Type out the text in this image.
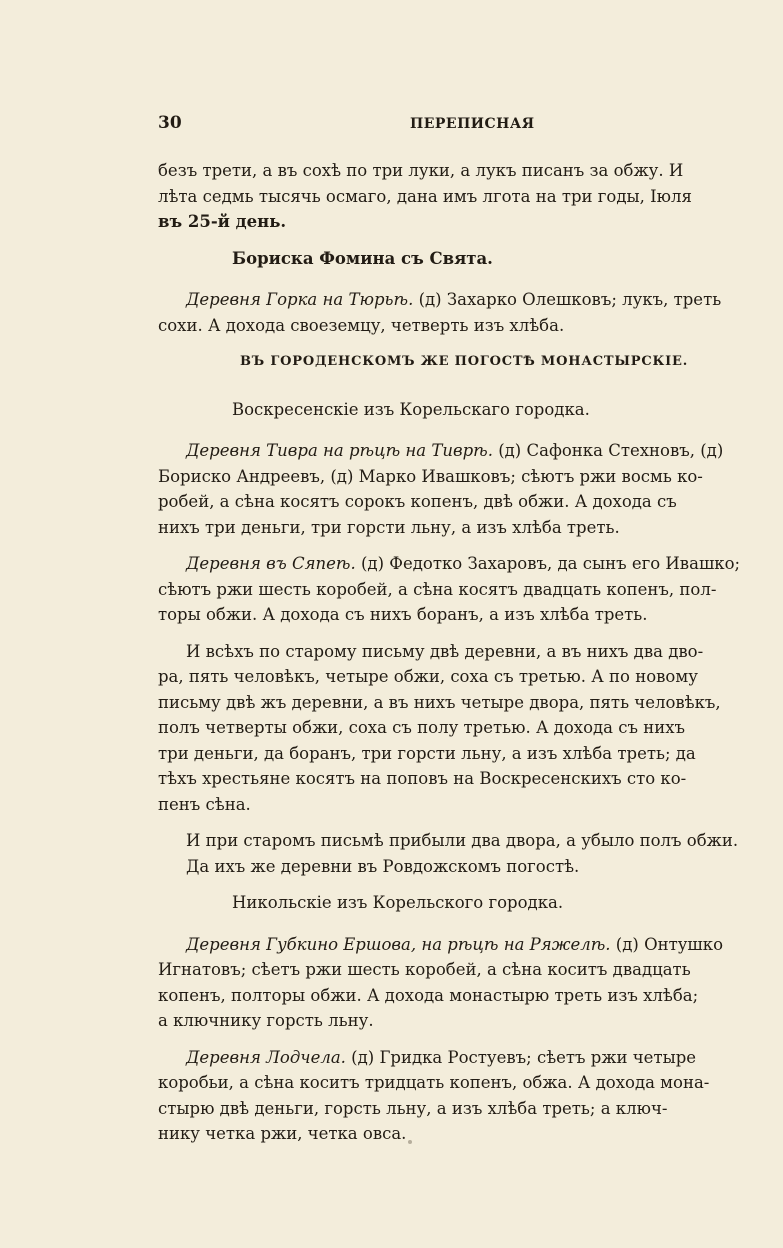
30	ПЕРЕПИСНАЯ

безъ трети, а въ сохѣ по три луки, а лукъ писанъ за обжу. И
лѣта седмь тысячь осмаго, дана имъ лгота на три годы, Іюля
въ 25-й день.

Бориска Фомина съ Свята.

Деревня Горка на Тюрьѣ. (д) Захарко Олешковъ; лукъ, треть
сохи. А дохода своеземцу, четверть изъ хлѣба.

ВЪ ГОРОДЕНСКОМЪ ЖЕ ПОГОСТѢ МОНАСТЫРСКІЕ.

Воскресенскіе изъ Корельскаго городка.

Деревня Тивра на рѣцѣ на Тиврѣ. (д) Сафонка Стехновъ, (д)
Бориско Андреевъ, (д) Марко Ивашковъ; сѣютъ ржи восмь ко-
робей, а сѣна косятъ сорокъ копенъ, двѣ обжи. А дохода съ
нихъ три деньги, три горсти льну, а изъ хлѣба треть.

Деревня въ Сяпеѣ. (д) Федотко Захаровъ, да сынъ его Ивашко;
сѣютъ ржи шесть коробей, а сѣна косятъ двадцать копенъ, пол-
торы обжи. А дохода съ нихъ боранъ, а изъ хлѣба треть.

И всѣхъ по старому письму двѣ деревни, а въ нихъ два дво-
ра, пять человѣкъ, четыре обжи, соха съ третью. А по новому
письму двѣ жъ деревни, а въ нихъ четыре двора, пять человѣкъ,
полъ четверты обжи, соха съ полу третью. А дохода съ нихъ
три деньги, да боранъ, три горсти льну, а изъ хлѣба треть; да
тѣхъ хрестьяне косятъ на поповъ на Воскресенскихъ сто ко-
пенъ сѣна.

И при старомъ письмѣ прибыли два двора, а убыло полъ обжи.
Да ихъ же деревни въ Ровдожскомъ погостѣ.

Никольскіе изъ Корельского городка.

Деревня Губкино Ершова, на рѣцѣ на Ряжелѣ. (д) Онтушко
Игнатовъ; сѣетъ ржи шесть коробей, а сѣна коситъ двадцать
копенъ, полторы обжи. А дохода монастырю треть изъ хлѣба;
а ключнику горсть льну.

Деревня Лодчела. (д) Гридка Ростуевъ; сѣетъ ржи четыре
коробьи, а сѣна коситъ тридцать копенъ, обжа. А дохода мона-
стырю двѣ деньги, горсть льну, а изъ хлѣба треть; а ключ-
нику четка ржи, четка овса.
